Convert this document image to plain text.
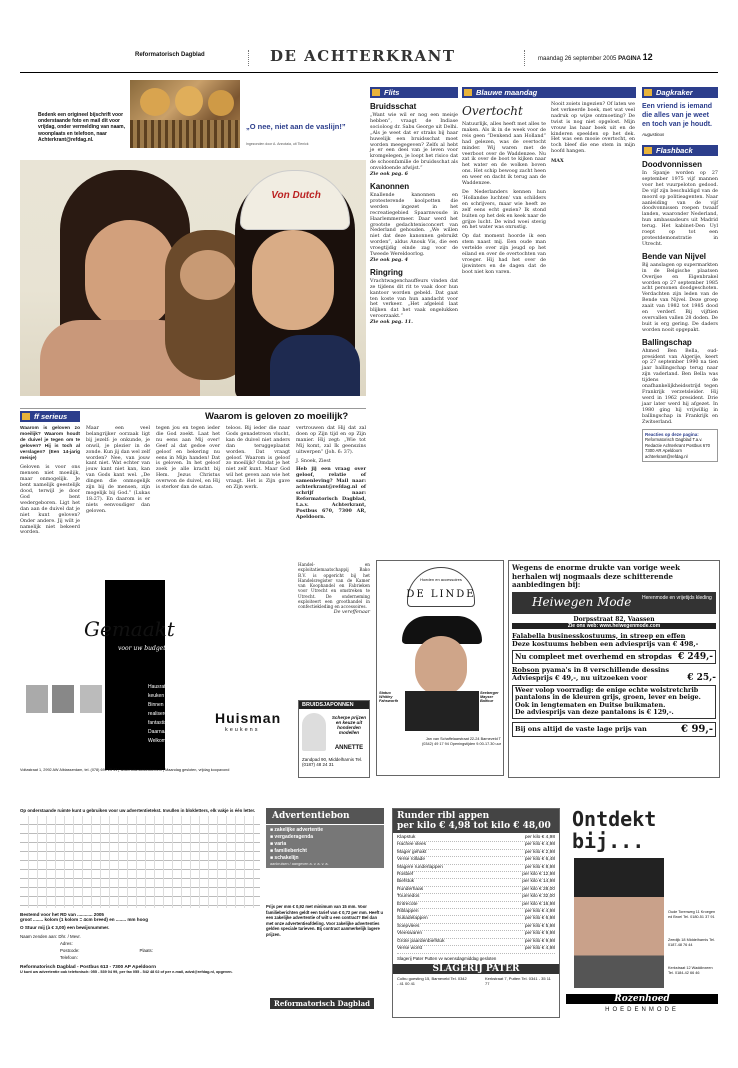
Reformatorisch Dagblad	DE ACHTERKRANT	maandag 26 september 2005 PAGINA 12
Bedenk een origineel bijschrift voor onderstaande foto en mail dit voor vrijdag, onder vermelding van naam, woonplaats en telefoon, naar Achterkrant@refdag.nl.
„O nee, niet aan de vaslijn!”
Ingezonden door A. Annotaia, uit Tienick
Von Dutch
Flits
Bruidsschat
„Want wie wil er nog een meisje hebben”, vraagt de Indiase socioloog dr. Sabu George uit Delhi. „Als je weet dat er straks bij haar huwelijk een bruidsschat moet worden meegegeven? Zelfs al hebt je er een deel van je leven voor kromgelegen, je loopt het risico dat de schoonfamilie de bruidsschat als onvoldoende afwijst.”
Zie ook pag. 6
Kanonnen
Knallende kanonnen en protesterende koolpotten die werden ingezet in het recreatiegebied Spaarnwoude in Haarlemmermeer. Daar werd het grootste gedachtenisconcert van Nederland gehouden. „We willen niet dat deze kanonnen gebruikt worden”, aldus Anouk Vis, die een vroegtijdig einde zag voor de Tweede Wereldoorlog.
Zie ook pag. 4
Ringring
Vrachtwagenchauffeurs vinden dat ze tijdens dit rit te vaak door hun kantoor worden gebeld. Dat gaat ten koste van hun aandacht voor het verkeer. „Het afgeleid laat blijken dat het vaak ongelukken veroorzaakt.”
Zie ook pag. 11.
Blauwe maandag
Overtocht
Natuurlijk, alles heeft met alles te maken. Als ik in de week voor de reis geen “Denkend aan Holland” had gelezen, was de overtocht minder. Wij waren met de veerboot over de Waddenzee. Nu zat ik over de boot te kijken naar het water en de wolken boven ons. Het schip bewoog zacht heen en weer en dacht ik terug aan de Waddenzee.
De Nederlanders kennen hun ‘Hollandse luchten’ van schilders en schrijvers, maar wie heeft ze zelf eens echt gezien? Ik stond buiten op het dek en keek naar de grijze lucht. De wind woei stevig en het water was onrustig.
Op dat moment hoorde ik een stem naast mij. Een oude man vertelde over zijn jeugd op het eiland en over de overtochten van vroeger. Hij had het over de ijswinters en de dagen dat de boot niet kon varen.
Nooit zoiets ingezien? Of laten we het verkeerde boek, met wat veel nadruk op wijze ontmoeting? De twist is nog niet opgelost. Mijn vrouw las haar boek uit en de kinderen speelden op het dek. Het was een mooie overtocht, en toch bleef die ene stem in mijn hoofd hangen.
MAX
Dagkraker
Een vriend is iemand die alles van je weet en toch van je houdt.
Augustinus
Flashback
Doodvonnissen
In Spanje worden op 27 september 1975 vijf mannen voor het vuurpeloton gedood. De vijf zijn beschuldigd van de moord op politieagenten. Naar aanleiding van de vijf doodvonnissen roepen twaalf landen, waaronder Nederland, hun ambassadeurs uit Madrid terug. Het kabinet-Den Uyl roept op tot een protestdemonstratie in Utrecht.
Bende van Nijvel
Bij aanslagen op supermarkten in de Belgische plaatsen Overijse en Eigenbrakel worden op 27 september 1985 acht personen doodgeschoten. Verdachten zijn leden van de Bende van Nijvel. Deze groep zaait van 1982 tot 1985 dood en verderf. Bij vijftien overvallen vallen 28 doden. De buit is erg gering. De daders worden nooit opgepakt.
Ballingschap
Ahmed Ben Bella, oud-president van Algerije, keert op 27 september 1990 na tien jaar ballingschap terug naar zijn vaderland. Ben Bella was tijdens de onafhankelijkheidsstrijd tegen Frankrijk verzetsleider. Hij werd in 1962 president. Drie jaar later werd hij afgezet. In 1980 ging hij vrijwillig in ballingschap in Frankrijk en Zwitserland.
Reacties op deze pagina:
Reformatorisch Dagblad T.a.v. Redactie Achterkrant Postbus 670 7300 AR Apeldoorn achterkrant@refdag.nl
ff serieus	Waarom is geloven zo moeilijk?
Waarom is geloven zo moeilijk? Waarom houdt de duivel je tegen om te geloven? Hij is toch al verslagen? (Een 14-jarig meisje)
Geloven is voor ons mensen niet moeilijk, maar onmogelijk. Je bent namelijk geestelijk dood, terwijl je door God bent wedergeboren. Ligt het dan aan de duivel dat je niet kunt geloven? Onder andere. Jij wilt je namelijk niet bekeerd worden.
Maar een veel belangrijker oorzaak ligt bij jezelf: je onkunde, je onwil, je plezier in de zonde. Kun jij dan wel zelf worden? Nee, van jouw kant niet. Wat echter van jouw kant niet kan, kan van Gods kant wel. „De dingen die onmogelijk zijn bij de mensen, zijn mogelijk bij God.” (Lukas 18:27). En daarom is er niets eenvoudiger dan geloven.
tegen jou en tegen ieder die God zoekt. Laat het nu eens aan Mij over! Geef al dat gedoe over geloof en bekering nu eens in Mijn handen! Dat is geloven. In het geloof zoek je alle kracht bij Hem. Jezus Christus overwon de duivel, en Hij is sterker dan de satan.
teloos. Bij ieder die naar Gods genadetroon vlucht, kan de duivel niet anders dan teruggeplaatst worden. Dat vraagt geloof. Waarom is geloof zo moeilijk? Omdat je het niet zelf kunt. Maar God wil het geven aan wie het vraagt. Het is Zijn gave en Zijn werk.
vertrouwen dat Hij dat zal doen op Zijn tijd en op Zijn manier. Hij zegt: „Wie tot Mij komt, zal Ik geenszins uitwerpen” (Joh. 6: 37).
J. Snoek, Ziest
Heb jij een vraag over geloof, relatie of samenleving? Mail naar: achterkrant@refdag.nl of schrijf naar: Reformatorisch Dagblad, t.a.v. Achterkrant, Postbus 670, 7300 AR, Apeldoorn.
Gemaakt
voor uw budget
Hausrat maakt uw keuken betaalbaar. Binnen uw budget realiseren wij een fantastische keuken. Daarnaast en smaakvol. Welkom!
Huisman
keukens
Voltastraat 1, 2992 AW Albiasserdam, tel. (078) 691 25 41 | www.huismankeukens.nl | Maandag gesloten, vrijdag koopavond
Handel- en exploitatiemaatschappij Bako B.V. is opgericht bij het Handelsregister van de Kamer van Koophandel en Fabrieken voor Utrecht en omstreken te Utrecht. De onderneming exploiteert een groothandel in confectiekleding en accessoires.
De vereffenaar
BRUIDSJAPONNEN
Scherpe prijzen en keuze uit honderden modellen
ANNETTE
Zandpad 90, Middelharnis Tel. (0187) 48 24 31
DE LINDE
Hoeden en accessoires
Statuo Whitley Fahsworth
Seeberger Mayser Balfour
Jan van Schaffelaarstraat 22-24 Barneveld T (0342) 49 17 94 Openingstijden 9.00-17.30 uur
Wegens de enorme drukte van vorige week herhalen wij nogmaals deze schitterende aanbiedingen bij:
Heiwegen Mode Herenmode en vrijetijds kleding
Dorpsstraat 82, Vaassen
Zie ons web: www.heiwegenmode.com
Falabella businesskostuums, in streep en effen
Deze kostuums hebben een adviesprijs van € 498,-
Nu compleet met overhemd en stropdas € 249,-
Robson pyama's in 8 verschillende dessins
Adviesprijs € 49,-, nu uitzoeken voor	€ 25,-
Weer volop voorradig: de enige echte wolstretchrib pantalons in de kleuren grijs, groen, lever en beige.
Ook in lengtematen en Duitse buikmaten.
De adviesprijs van deze pantalons is € 129,-.
Bij ons altijd de vaste lage prijs van	€ 99,-
Op onderstaande ruimte kunt u gebruiken voor uw advertentietekst. Invullen in blokletters, elk vakje is één letter.
Bestemd voor het RD van ............ 2005
groot ........ kolom (1 kolom = 4cm breed) en ........ mm hoog
O Stuur mij (à € 3,00) een bewijsnummer.
Naam zenden aan: Dhr. / Mevr.
Adres:
Postcode:	Plaats:
Telefoon:
Reformatorisch Dagblad - Postbus 613 - 7300 AP Apeldoorn
U kunt uw advertentie ook telefonisch: 055 - 539 04 99, per fax 055 - 542 48 02 of per e-mail, advd@refdag.nl, opgeven.
Advertentiebon
■ zakelijke advertentie
■ vergaderagenda
■ varia
■ familiebericht
■ schakelijn
aankruisen / aangeven a. v. a. v. a.
Prijs per mm € 0,92 met minimum van 15 mm. Voor familieberichten geldt een tarief van € 0,72 per mm. Heeft u een zakelijke advertentie of wilt u een contract? Bel dan met onze advertentieafdeling. Voor zakelijke advertenties gelden speciale tarieven. Bij contract aanmerkelijk lagere prijzen.
Reformatorisch Dagblad
Runder ribl appen
per kilo € 4,98 tot kilo € 48,00
Klapstuk	per kilo € 4,98
Hachee vlees	per kilo € 4,98
Mager gehakt	per kilo € 2,98
Verse rollade	per kilo € 6,48
Magere runderlappen	per kilo € 8,98
Rosbief	per kilo € 12,98
Biefstuk	per kilo € 14,98
Runderhaas	per kilo € 28,00
Tournedos	per kilo € 32,00
Entrecote	per kilo € 16,98
Riblappen	per kilo € 4,98
Sukadelappen	per kilo € 6,98
Soepvlees	per kilo € 5,98
Vleeswaren	per kilo € 9,98
Grote paardenbiefstuk	per kilo € 9,98
Verse worst	per kilo € 4,98
Slagerij Pater Putten vv woensdagmiddag gesloten
SLAGERIJ PATER
Colbu goesting 15, Barneveld Tel. 0342 - 41 00 41
Kerkstraat 7, Putten Tel. 0341 - 35 11 77
Ontdekt bij...
Oude Torenweg 11 Kroegen ed Broel Tel. 0180-51 37 91
Zeedijk 18 Middelharnis Tel. 0187-48 76 44
Kerkstraat 12 Waddinxeen Tel. 0184-42 66 46
Rozenhoed
HOEDENMODE
